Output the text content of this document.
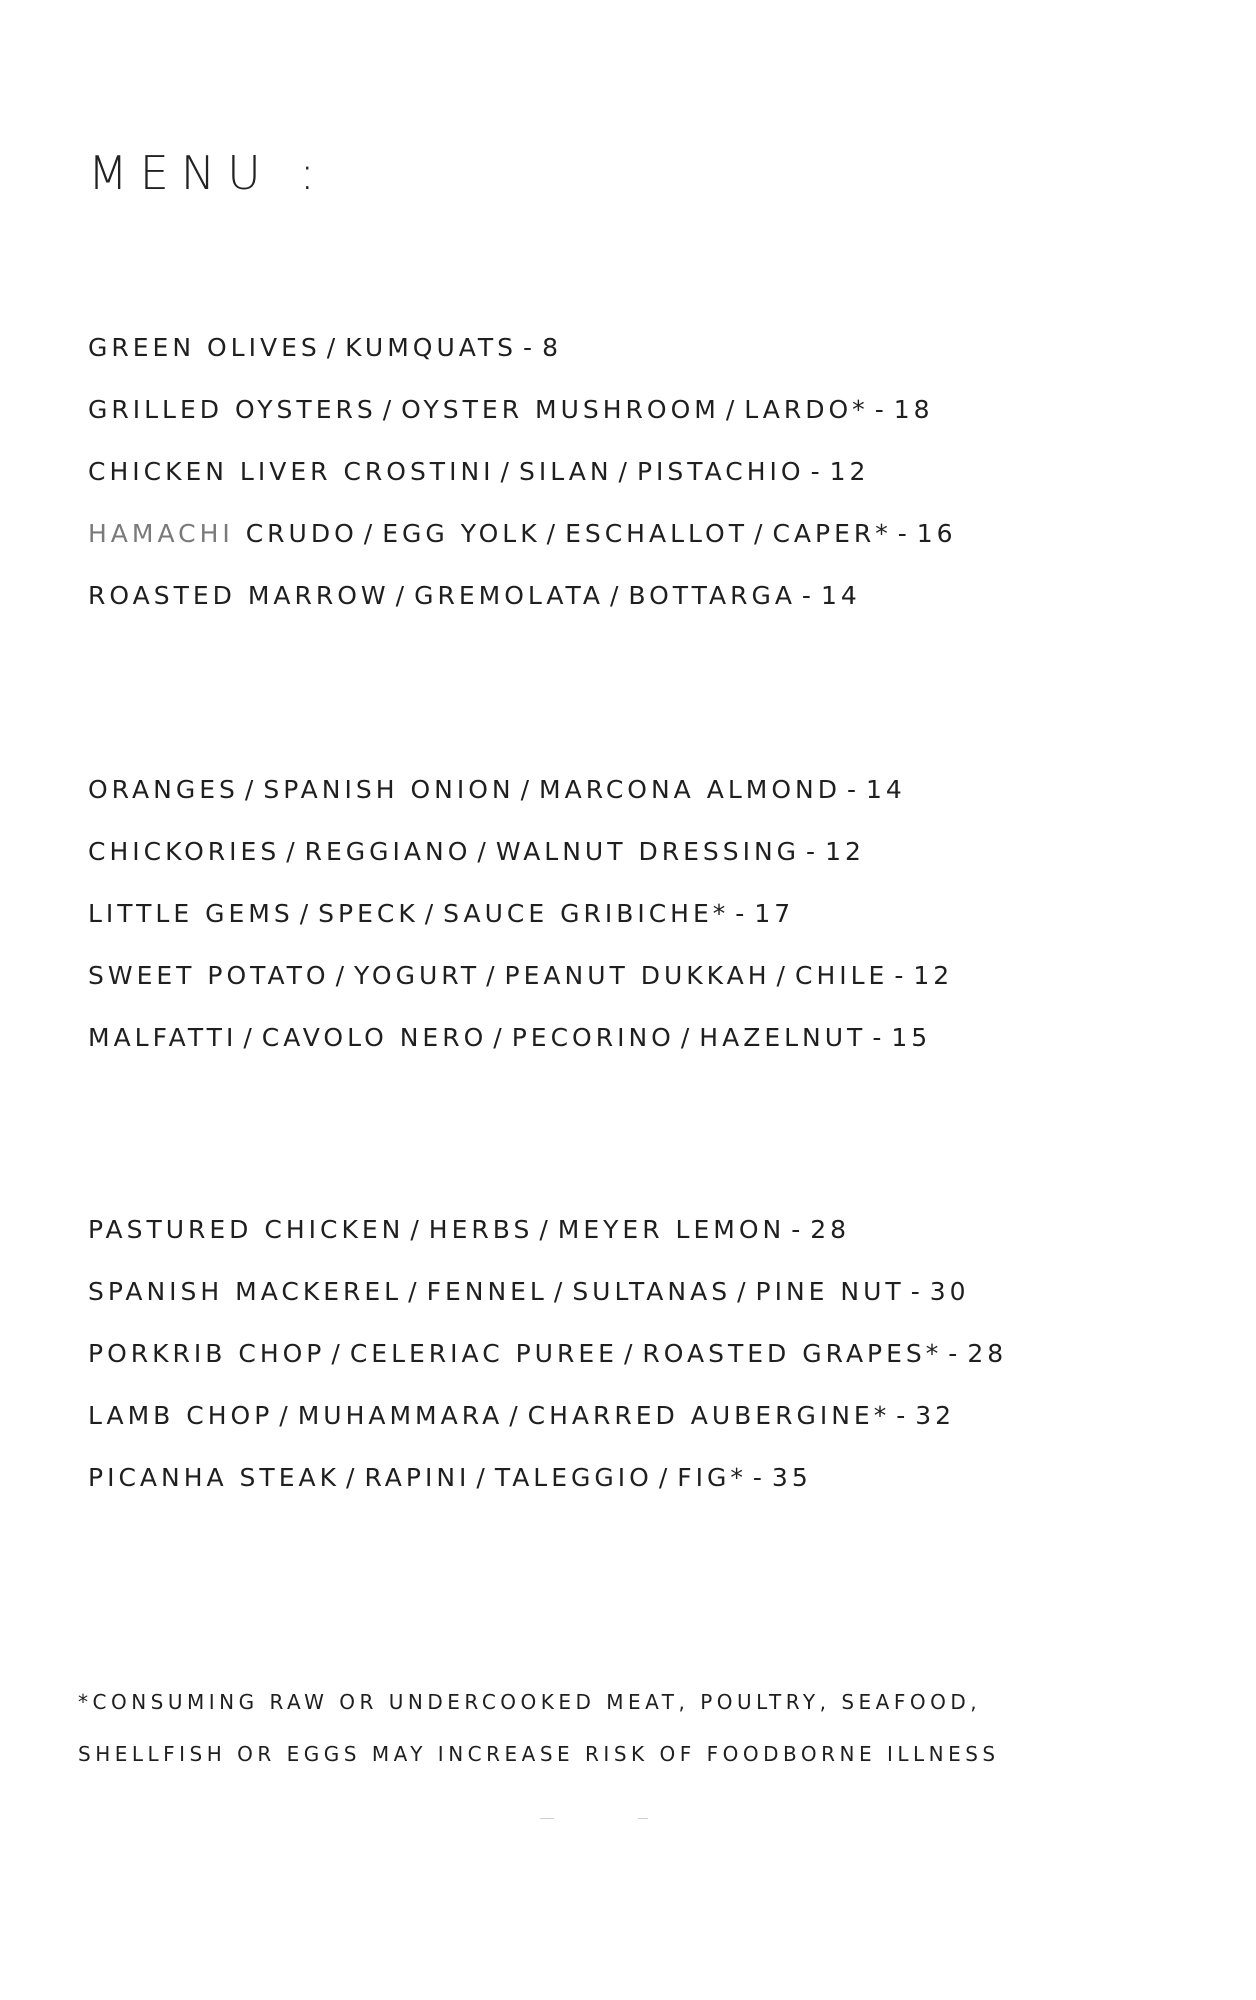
MENU :
GREEN OLIVES / KUMQUATS - 8
GRILLED OYSTERS / OYSTER MUSHROOM / LARDO* - 18
CHICKEN LIVER CROSTINI / SILAN / PISTACHIO - 12
HAMACHI CRUDO / EGG YOLK / ESCHALLOT / CAPER* - 16
ROASTED MARROW / GREMOLATA / BOTTARGA - 14
ORANGES / SPANISH ONION / MARCONA ALMOND - 14
CHICKORIES / REGGIANO / WALNUT DRESSING - 12
LITTLE GEMS / SPECK / SAUCE GRIBICHE* - 17
SWEET POTATO / YOGURT / PEANUT DUKKAH / CHILE - 12
MALFATTI / CAVOLO NERO / PECORINO / HAZELNUT - 15
PASTURED CHICKEN / HERBS / MEYER LEMON - 28
SPANISH MACKEREL / FENNEL / SULTANAS / PINE NUT - 30
PORKRIB CHOP / CELERIAC PUREE / ROASTED GRAPES* - 28
LAMB CHOP / MUHAMMARA / CHARRED AUBERGINE* - 32
PICANHA STEAK / RAPINI / TALEGGIO / FIG* - 35

*CONSUMING RAW OR UNDERCOOKED MEAT, POULTRY, SEAFOOD,

SHELLFISH OR EGGS MAY INCREASE RISK OF FOODBORNE ILLNESS
